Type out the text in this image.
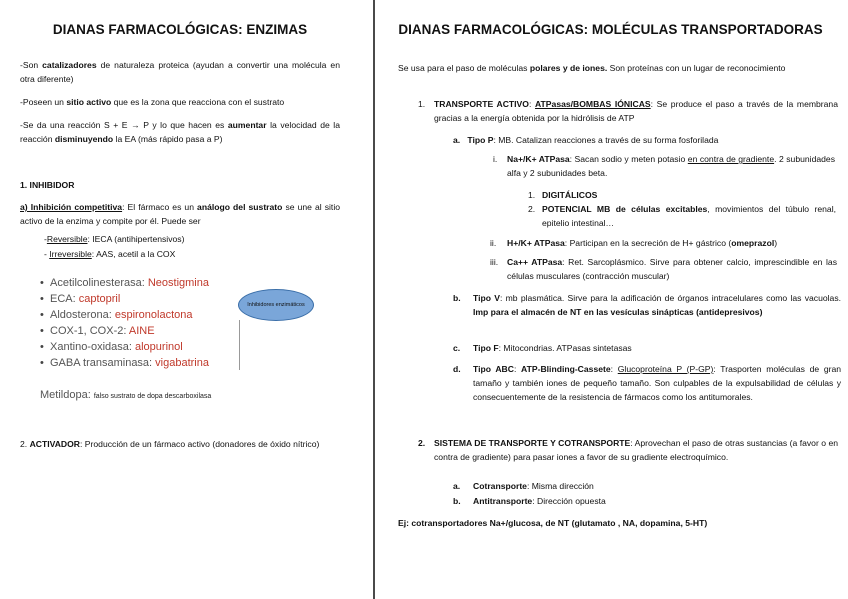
DIANAS FARMACOLÓGICAS: ENZIMAS

-Son catalizadores de naturaleza proteica (ayudan a convertir una molécula en otra diferente)

-Poseen un sitio activo que es la zona que reacciona con el sustrato

-Se da una reacción S + E → P y lo que hacen es aumentar la velocidad de la reacción disminuyendo la EA (más rápido pasa a P)

1. INHIBIDOR

a) Inhibición competitiva: El fármaco es un análogo del sustrato se une al sitio activo de la enzima y compite por él. Puede ser

-Reversible: IECA (antihipertensivos)

- Irreversible: AAS, acetil a la COX

• Acetilcolinesterasa: Neostigmina
• ECA: captopril
• Aldosterona: espironolactona
• COX-1, COX-2: AINE
• Xantino-oxidasa: alopurinol
• GABA transaminasa: vigabatrina
Inhibidores enzimáticos
Metildopa: falso sustrato de dopa descarboxilasa

2. ACTIVADOR: Producción de un fármaco activo (donadores de óxido nítrico)

DIANAS FARMACOLÓGICAS: MOLÉCULAS TRANSPORTADORAS

Se usa para el paso de moléculas polares y de iones. Son proteínas con un lugar de reconocimiento

1. TRANSPORTE ACTIVO: ATPasas/BOMBAS IÓNICAS: Se produce el paso a través de la membrana gracias a la energía obtenida por la hidrólisis de ATP

a. Tipo P: MB. Catalizan reacciones a través de su forma fosforilada

i. Na+/K+ ATPasa: Sacan sodio y meten potasio en contra de gradiente. 2 subunidades alfa y 2 subunidades beta.

1. DIGITÁLICOS

2. POTENCIAL MB de células excitables, movimientos del túbulo renal, epitelio intestinal…

ii. H+/K+ ATPasa: Participan en la secreción de H+ gástrico (omeprazol)

iii. Ca++ ATPasa: Ret. Sarcoplásmico. Sirve para obtener calcio, imprescindible en las células musculares (contracción muscular)

b. Tipo V: mb plasmática. Sirve para la adificación de órganos intracelulares como las vacuolas. Imp para el almacén de NT en las vesículas sinápticas (antidepresivos)

c. Tipo F: Mitocondrias. ATPasas sintetasas

d. Tipo ABC: ATP-Blinding-Cassete: Glucoproteína P (P-GP): Trasporten moléculas de gran tamaño y también iones de pequeño tamaño. Son culpables de la expulsabilidad de células y consecuentemente de la resistencia de fármacos como los antitumorales.

2. SISTEMA DE TRANSPORTE Y COTRANSPORTE: Aprovechan el paso de otras sustancias (a favor o en contra de gradiente) para pasar iones a favor de su gradiente electroquímico.

a. Cotransporte: Misma dirección

b. Antitransporte: Dirección opuesta

Ej: cotransportadores Na+/glucosa, de NT (glutamato , NA, dopamina, 5-HT)
